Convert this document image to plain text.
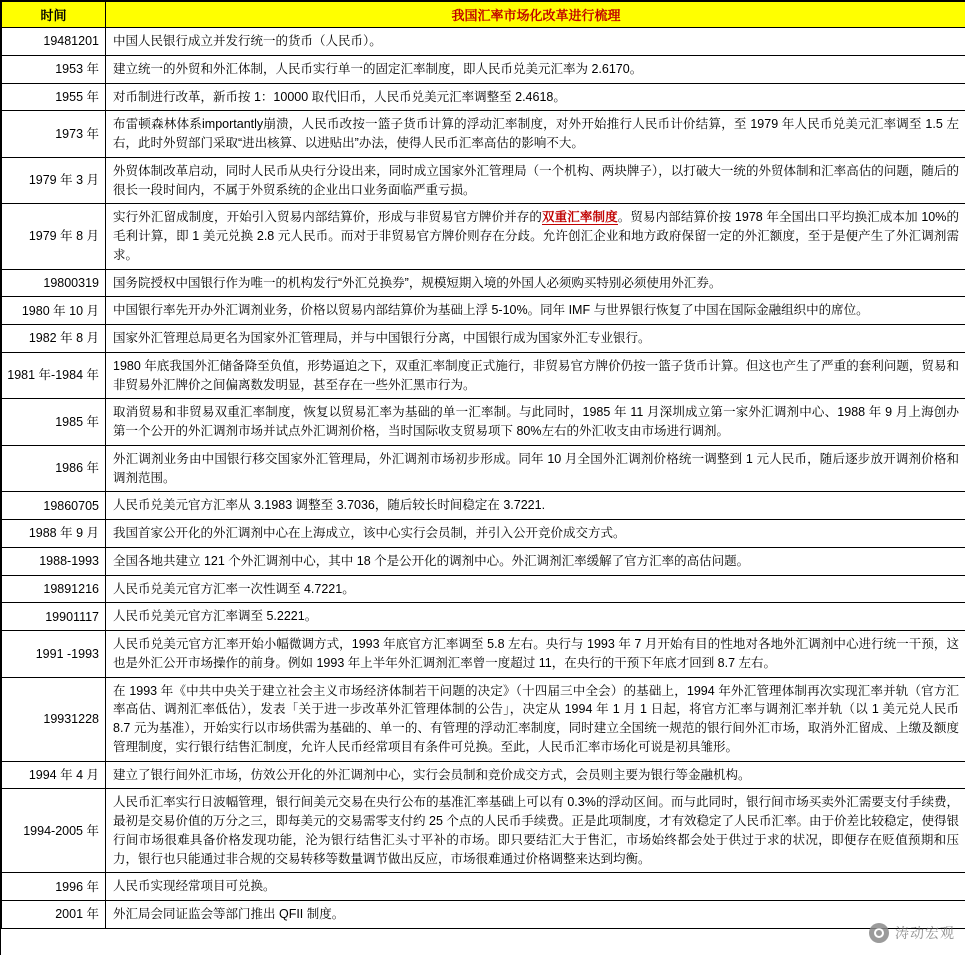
时间	我国汇率市场化改革进行梳理
19481201	中国人民银行成立并发行统一的货币（人民币）。
1953 年	建立统一的外贸和外汇体制，人民币实行单一的固定汇率制度，即人民币兑美元汇率为 2.6170。
1955 年	对币制进行改革，新币按 1：10000 取代旧币，人民币兑美元汇率调整至 2.4618。
1973 年	布雷顿森林体系importantly崩溃，人民币改按一篮子货币计算的浮动汇率制度，对外开始推行人民币计价结算，至 1979 年人民币兑美元汇率调至 1.5 左右，此时外贸部门采取“进出核算、以进贴出”办法，使得人民币汇率高估的影响不大。
1979 年 3 月	外贸体制改革启动，同时人民币从央行分设出来，同时成立国家外汇管理局（一个机构、两块牌子），以打破大一统的外贸体制和汇率高估的问题，随后的很长一段时间内，不属于外贸系统的企业出口业务面临严重亏损。
1979 年 8 月	实行外汇留成制度，开始引入贸易内部结算价，形成与非贸易官方牌价并存的双重汇率制度。贸易内部结算价按 1978 年全国出口平均换汇成本加 10%的毛利计算，即 1 美元兑换 2.8 元人民币。而对于非贸易官方牌价则存在分歧。允许创汇企业和地方政府保留一定的外汇额度，至于是便产生了外汇调剂需求。
19800319	国务院授权中国银行作为唯一的机构发行“外汇兑换券”，规模短期入境的外国人必须购买特别必须使用外汇券。
1980 年 10 月	中国银行率先开办外汇调剂业务，价格以贸易内部结算价为基础上浮 5-10%。同年 IMF 与世界银行恢复了中国在国际金融组织中的席位。
1982 年 8 月	国家外汇管理总局更名为国家外汇管理局，并与中国银行分离，中国银行成为国家外汇专业银行。
1981 年-1984 年	1980 年底我国外汇储备降至负值，形势逼迫之下，双重汇率制度正式施行，非贸易官方牌价仍按一篮子货币计算。但这也产生了严重的套利问题，贸易和非贸易外汇牌价之间偏离数发明显，甚至存在一些外汇黑市行为。
1985 年	取消贸易和非贸易双重汇率制度，恢复以贸易汇率为基础的单一汇率制。与此同时，1985 年 11 月深圳成立第一家外汇调剂中心、1988 年 9 月上海创办第一个公开的外汇调剂市场并试点外汇调剂价格，当时国际收支贸易项下 80%左右的外汇收支由市场进行调剂。
1986 年	外汇调剂业务由中国银行移交国家外汇管理局，外汇调剂市场初步形成。同年 10 月全国外汇调剂价格统一调整到 1 元人民币，随后逐步放开调剂价格和调剂范围。
19860705	人民币兑美元官方汇率从 3.1983 调整至 3.7036，随后较长时间稳定在 3.7221.
1988 年 9 月	我国首家公开化的外汇调剂中心在上海成立，该中心实行会员制，并引入公开竞价成交方式。
1988-1993	全国各地共建立 121 个外汇调剂中心，其中 18 个是公开化的调剂中心。外汇调剂汇率缓解了官方汇率的高估问题。
19891216	人民币兑美元官方汇率一次性调至 4.7221。
19901117	人民币兑美元官方汇率调至 5.2221。
1991 -1993	人民币兑美元官方汇率开始小幅微调方式，1993 年底官方汇率调至 5.8 左右。央行与 1993 年 7 月开始有目的性地对各地外汇调剂中心进行统一干预，这也是外汇公开市场操作的前身。例如 1993 年上半年外汇调剂汇率曾一度超过 11，在央行的干预下年底才回到 8.7 左右。
19931228	在 1993 年《中共中央关于建立社会主义市场经济体制若干问题的决定》（十四届三中全会）的基础上，1994 年外汇管理体制再次实现汇率并轨（官方汇率高估、调剂汇率低估），发表「关于进一步改革外汇管理体制的公告」，决定从 1994 年 1 月 1 日起，将官方汇率与调剂汇率并轨（以 1 美元兑人民币 8.7 元为基准），开始实行以市场供需为基础的、单一的、有管理的浮动汇率制度，同时建立全国统一规范的银行间外汇市场，取消外汇留成、上缴及额度管理制度，实行银行结售汇制度，允许人民币经常项目有条件可兑换。至此，人民币汇率市场化可说是初具雏形。
1994 年 4 月	建立了银行间外汇市场，仿效公开化的外汇调剂中心，实行会员制和竞价成交方式，会员则主要为银行等金融机构。
1994-2005 年	人民币汇率实行日波幅管理，银行间美元交易在央行公布的基准汇率基础上可以有 0.3%的浮动区间。而与此同时，银行间市场买卖外汇需要支付手续费，最初是交易价值的万分之三，即每美元的交易需零支付约 25 个点的人民币手续费。正是此项制度，才有效稳定了人民币汇率。由于价差比较稳定，使得银行间市场很难具备价格发现功能，沦为银行结售汇头寸平补的市场。即只要结汇大于售汇，市场始终都会处于供过于求的状况，即便存在贬值预期和压力，银行也只能通过非合规的交易转移等数量调节做出反应，市场很难通过价格调整来达到均衡。
1996 年	人民币实现经常项目可兑换。
2001 年	外汇局会同证监会等部门推出 QFII 制度。
涛动宏观
